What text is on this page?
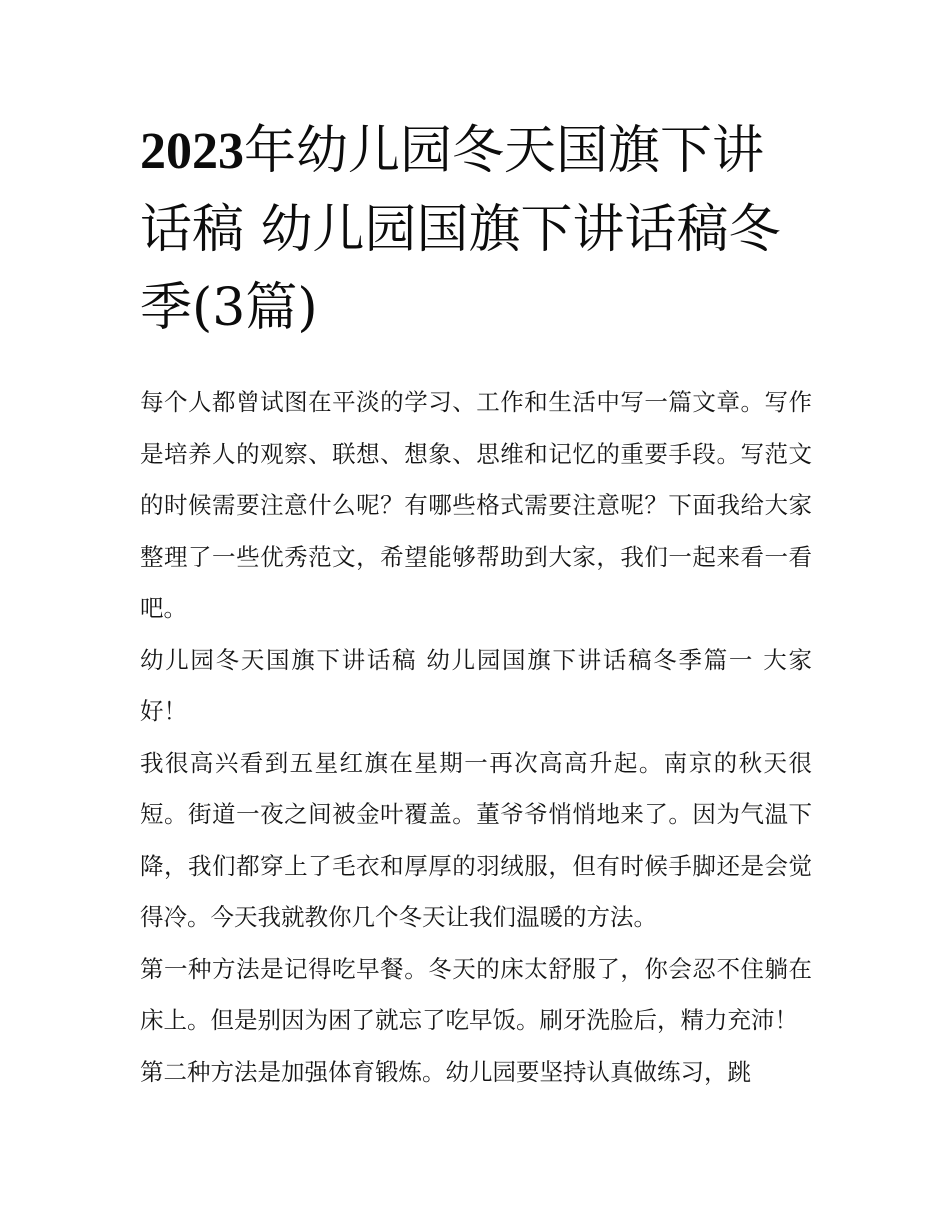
2023年幼儿园冬天国旗下讲话稿 幼儿园国旗下讲话稿冬季(3篇)

每个人都曾试图在平淡的学习、工作和生活中写一篇文章。写作是培养人的观察、联想、想象、思维和记忆的重要手段。写范文的时候需要注意什么呢？有哪些格式需要注意呢？下面我给大家整理了一些优秀范文，希望能够帮助到大家，我们一起来看一看吧。

幼儿园冬天国旗下讲话稿 幼儿园国旗下讲话稿冬季篇一 大家好！

我很高兴看到五星红旗在星期一再次高高升起。南京的秋天很短。街道一夜之间被金叶覆盖。董爷爷悄悄地来了。因为气温下降，我们都穿上了毛衣和厚厚的羽绒服，但有时候手脚还是会觉得冷。今天我就教你几个冬天让我们温暖的方法。

第一种方法是记得吃早餐。冬天的床太舒服了，你会忍不住躺在床上。但是别因为困了就忘了吃早饭。刷牙洗脸后，精力充沛！

第二种方法是加强体育锻炼。幼儿园要坚持认真做练习，跳
